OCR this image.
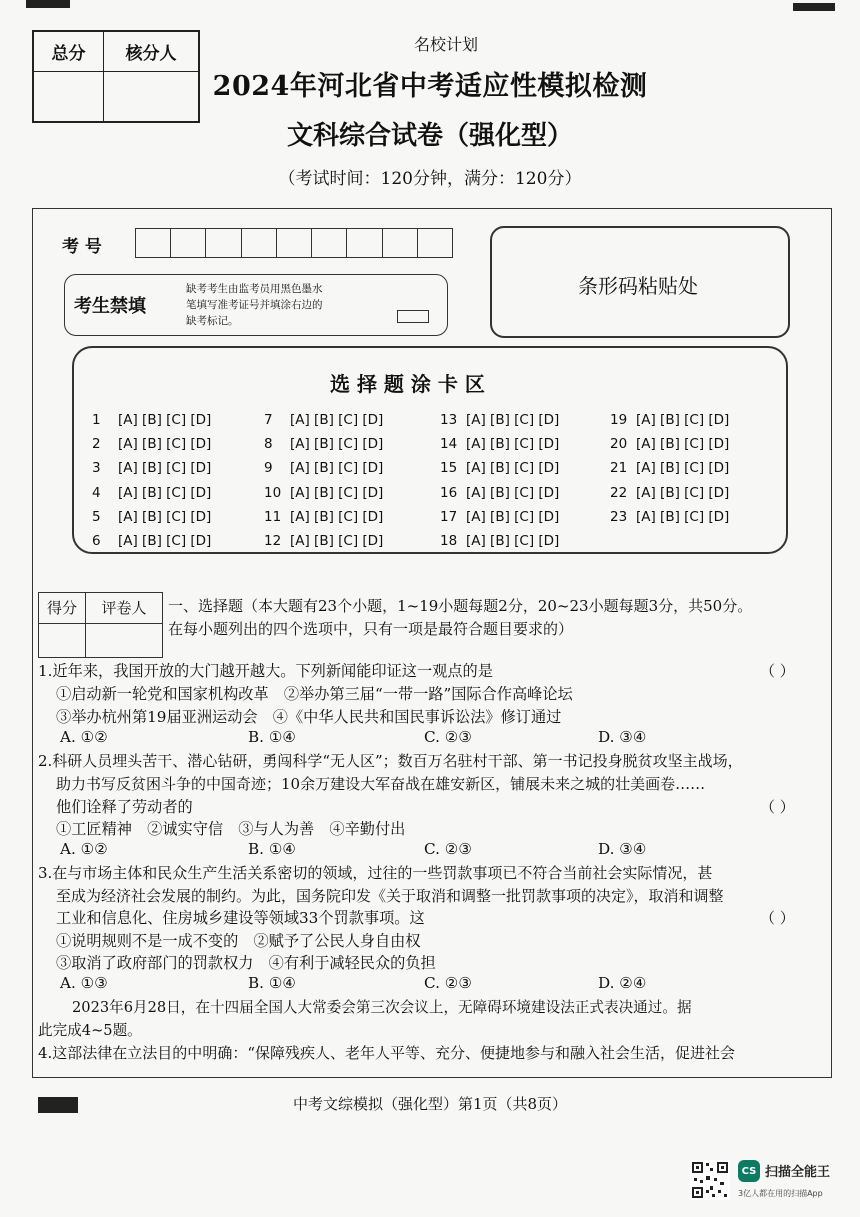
总分	核分人	名校计划
2024年河北省中考适应性模拟检测
文科综合试卷（强化型）
（考试时间：120分钟，满分：120分）
考 号
考生禁填
缺考考生由监考员用黑色墨水
笔填写准考证号并填涂右边的
缺考标记。
条形码粘贴处
选 择 题 涂 卡 区
1 [A] [B] [C] [D]
2 [A] [B] [C] [D]
3 [A] [B] [C] [D]
4 [A] [B] [C] [D]
5 [A] [B] [C] [D]
6 [A] [B] [C] [D]
7 [A] [B] [C] [D]
8 [A] [B] [C] [D]
9 [A] [B] [C] [D]
10 [A] [B] [C] [D]
11 [A] [B] [C] [D]
12 [A] [B] [C] [D]
13 [A] [B] [C] [D]
14 [A] [B] [C] [D]
15 [A] [B] [C] [D]
16 [A] [B] [C] [D]
17 [A] [B] [C] [D]
18 [A] [B] [C] [D]
19 [A] [B] [C] [D]
20 [A] [B] [C] [D]
21 [A] [B] [C] [D]
22 [A] [B] [C] [D]
23 [A] [B] [C] [D]
得分	评卷人	一、选择题（本大题有23个小题，1~19小题每题2分，20~23小题每题3分，共50分。
在每小题列出的四个选项中，只有一项是最符合题目要求的）
1.近年来，我国开放的大门越开越大。下列新闻能印证这一观点的是	（ ）
①启动新一轮党和国家机构改革　②举办第三届“一带一路”国际合作高峰论坛
③举办杭州第19届亚洲运动会　④《中华人民共和国民事诉讼法》修订通过
A. ①②	B. ①④	C. ②③	D. ③④
2.科研人员埋头苦干、潜心钻研，勇闯科学“无人区”；数百万名驻村干部、第一书记投身脱贫攻坚主战场，
助力书写反贫困斗争的中国奇迹；10余万建设大军奋战在雄安新区，铺展未来之城的壮美画卷……
他们诠释了劳动者的	（ ）
①工匠精神　②诚实守信　③与人为善　④辛勤付出
A. ①②	B. ①④	C. ②③	D. ③④
3.在与市场主体和民众生产生活关系密切的领域，过往的一些罚款事项已不符合当前社会实际情况，甚
至成为经济社会发展的制约。为此，国务院印发《关于取消和调整一批罚款事项的决定》，取消和调整
工业和信息化、住房城乡建设等领域33个罚款事项。这	（ ）
①说明规则不是一成不变的　②赋予了公民人身自由权
③取消了政府部门的罚款权力　④有利于减轻民众的负担
A. ①③	B. ①④	C. ②③	D. ②④
2023年6月28日，在十四届全国人大常委会第三次会议上，无障碍环境建设法正式表决通过。据
此完成4~5题。
4.这部法律在立法目的中明确：“保障残疾人、老年人平等、充分、便捷地参与和融入社会生活，促进社会
中考文综模拟（强化型）第1页（共8页）
CS 扫描全能王
3亿人都在用的扫描App
